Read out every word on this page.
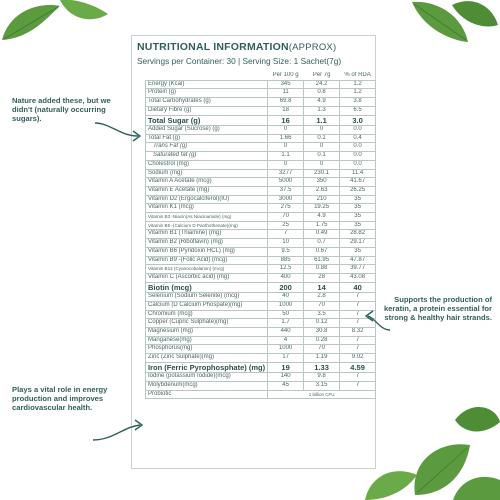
NUTRITIONAL INFORMATION(APPROX)
Servings per Container: 30 | Serving Size: 1 Sachet(7g)
	Per 100 g	Per 7g	% of RDA
Energy (Kcal)	345	24.2	1.2
Protein (g)	11	0.8	1.2
Total Carbohydrates (g)	69.8	4.9	3.8
Dietary Fibre (g)	18	1.3	6.5
Total Sugar (g)	16	1.1	3.0
Added Sugar (Sucrose) (g)	0	0	0.0
Total Fat (g)	1.66	0.1	0.4
Trans Fat (g)	0	0	0.0
Saturated fat (g)	1.1	0.1	0.0
Cholestrol (mg)	0	0	0.0
Sodium (mg)	3277	230.1	11.4
Vitamin A Acetate (mcg)	5000	350	41.67
Vitamin E Acetate (mg)	37.5	2.63	26.25
Vitamin D2 (Ergocalciferol)(IU)	3000	210	35
Vitamin K1 (mcg)	275	19.25	35
Vitamin B3 -Niacin(As Niacinamide) (mg)	70	4.9	35
Vitamin B5 -(Calcium D Panthothenate)(mg)	25	1.75	35
Vitamin B1 (Thiamine) (mg)	7	0.49	28.82
Vitamin B2 (Riboflavin) (mg)	10	0.7	29.17
Vitamin B6 (Pyridoxin HCL) (mg)	9.5	0.67	35
Vitamin B9 -(Folic Acid) (mcg)	885	61.95	47.87
Vitamin B12 (Cyanocobalamin) (mcg)	12.5	0.88	39.77
Vitamin C (Ascorbic acid) (mg)	400	28	43.08
Biotin (mcg)	200	14	40
Selenium (Sodium Selenite) (mcg)	40	2.8	7
Calcium (D Calcium Phospate)(mg)	1000	70	7
Chromium (mcg)	50	3.5	7
Copper (Cupric Sulphate)(mg)	1.7	0.12	7
Magnesium (mg)	440	30.8	8.32
Manganese(mg)	4	0.28	7
Phosphorus(mg)	1000	70	7
Zinc (Zinc Sulphate)(mg)	17	1.19	9.02
Iron (Ferric Pyrophosphate) (mg)	19	1.33	4.59
Iodine (potassium Iodide)(mcg)	140	9.8	7
Molybdenum(mcg)	45	3.15	7
Probiotic	1 billion CFU		
Nature added these, but we didn't (naturally occurring sugars).
Plays a vital role in energy production and improves cardiovascular health.
Supports the production of keratin, a protein essential for strong & healthy hair strands.
